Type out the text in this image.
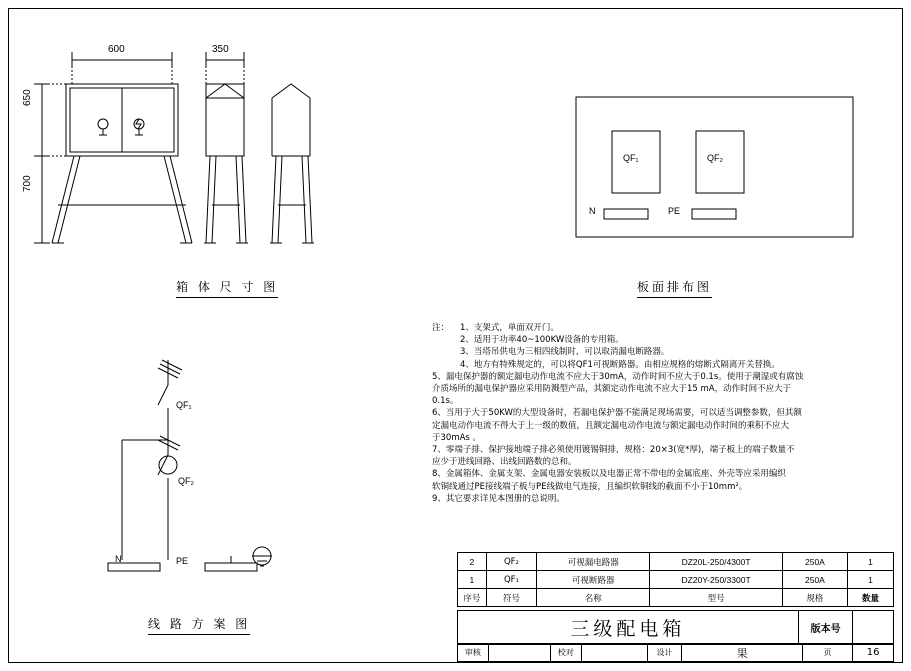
600	350
650
700
箱 体 尺 寸 图
QF₁	QF₂
N	PE
板面排布图
QF₁
QF₂
N	PE
线 路 方 案 图
注： 1、支架式，单面双开门。
2、适用于功率40~100KW设备的专用箱。
3、当塔吊供电为三相四线制时，可以取消漏电断路器。
4、地方有特殊规定的，可以将QF1可视断路器。由相应规格的熔断式隔离开关替换。
5、漏电保护器的额定漏电动作电流不应大于30mA，动作时间不应大于0.1s。使用于潮湿或有腐蚀
介质场所的漏电保护器应采用防溅型产品，其额定动作电流不应大于15 mA，动作时间不应大于
0.1s。
6、当用于大于50KW的大型设备时，若漏电保护器不能满足现场需要，可以适当调整参数，但其额
定漏电动作电流不得大于上一级的数值，且额定漏电动作电流与额定漏电动作时间的乘积不应大
于30mAs 。
7、零端子排、保护接地端子排必须使用镀锡铜排，规格：20×3(宽*厚)，端子板上的端子数量不
应少于进线回路、出线回路数的总和。
8、金属箱体、金属支架、金属电器安装板以及电器正常不带电的金属底座、外壳等应采用编织
软铜线通过PE接线端子板与PE线做电气连接，且编织软铜线的截面不小于10mm²。
9、其它要求详见本图册的总说明。
2	QF₂	可视漏电路器	DZ20L-250/4300T	250A	1
1	QF₁	可视断路器	DZ20Y-250/3300T	250A	1
序号	符号	名称	型号	规格	数量
三级配电箱	版本号	
审核		校对		设计	果	页	16
